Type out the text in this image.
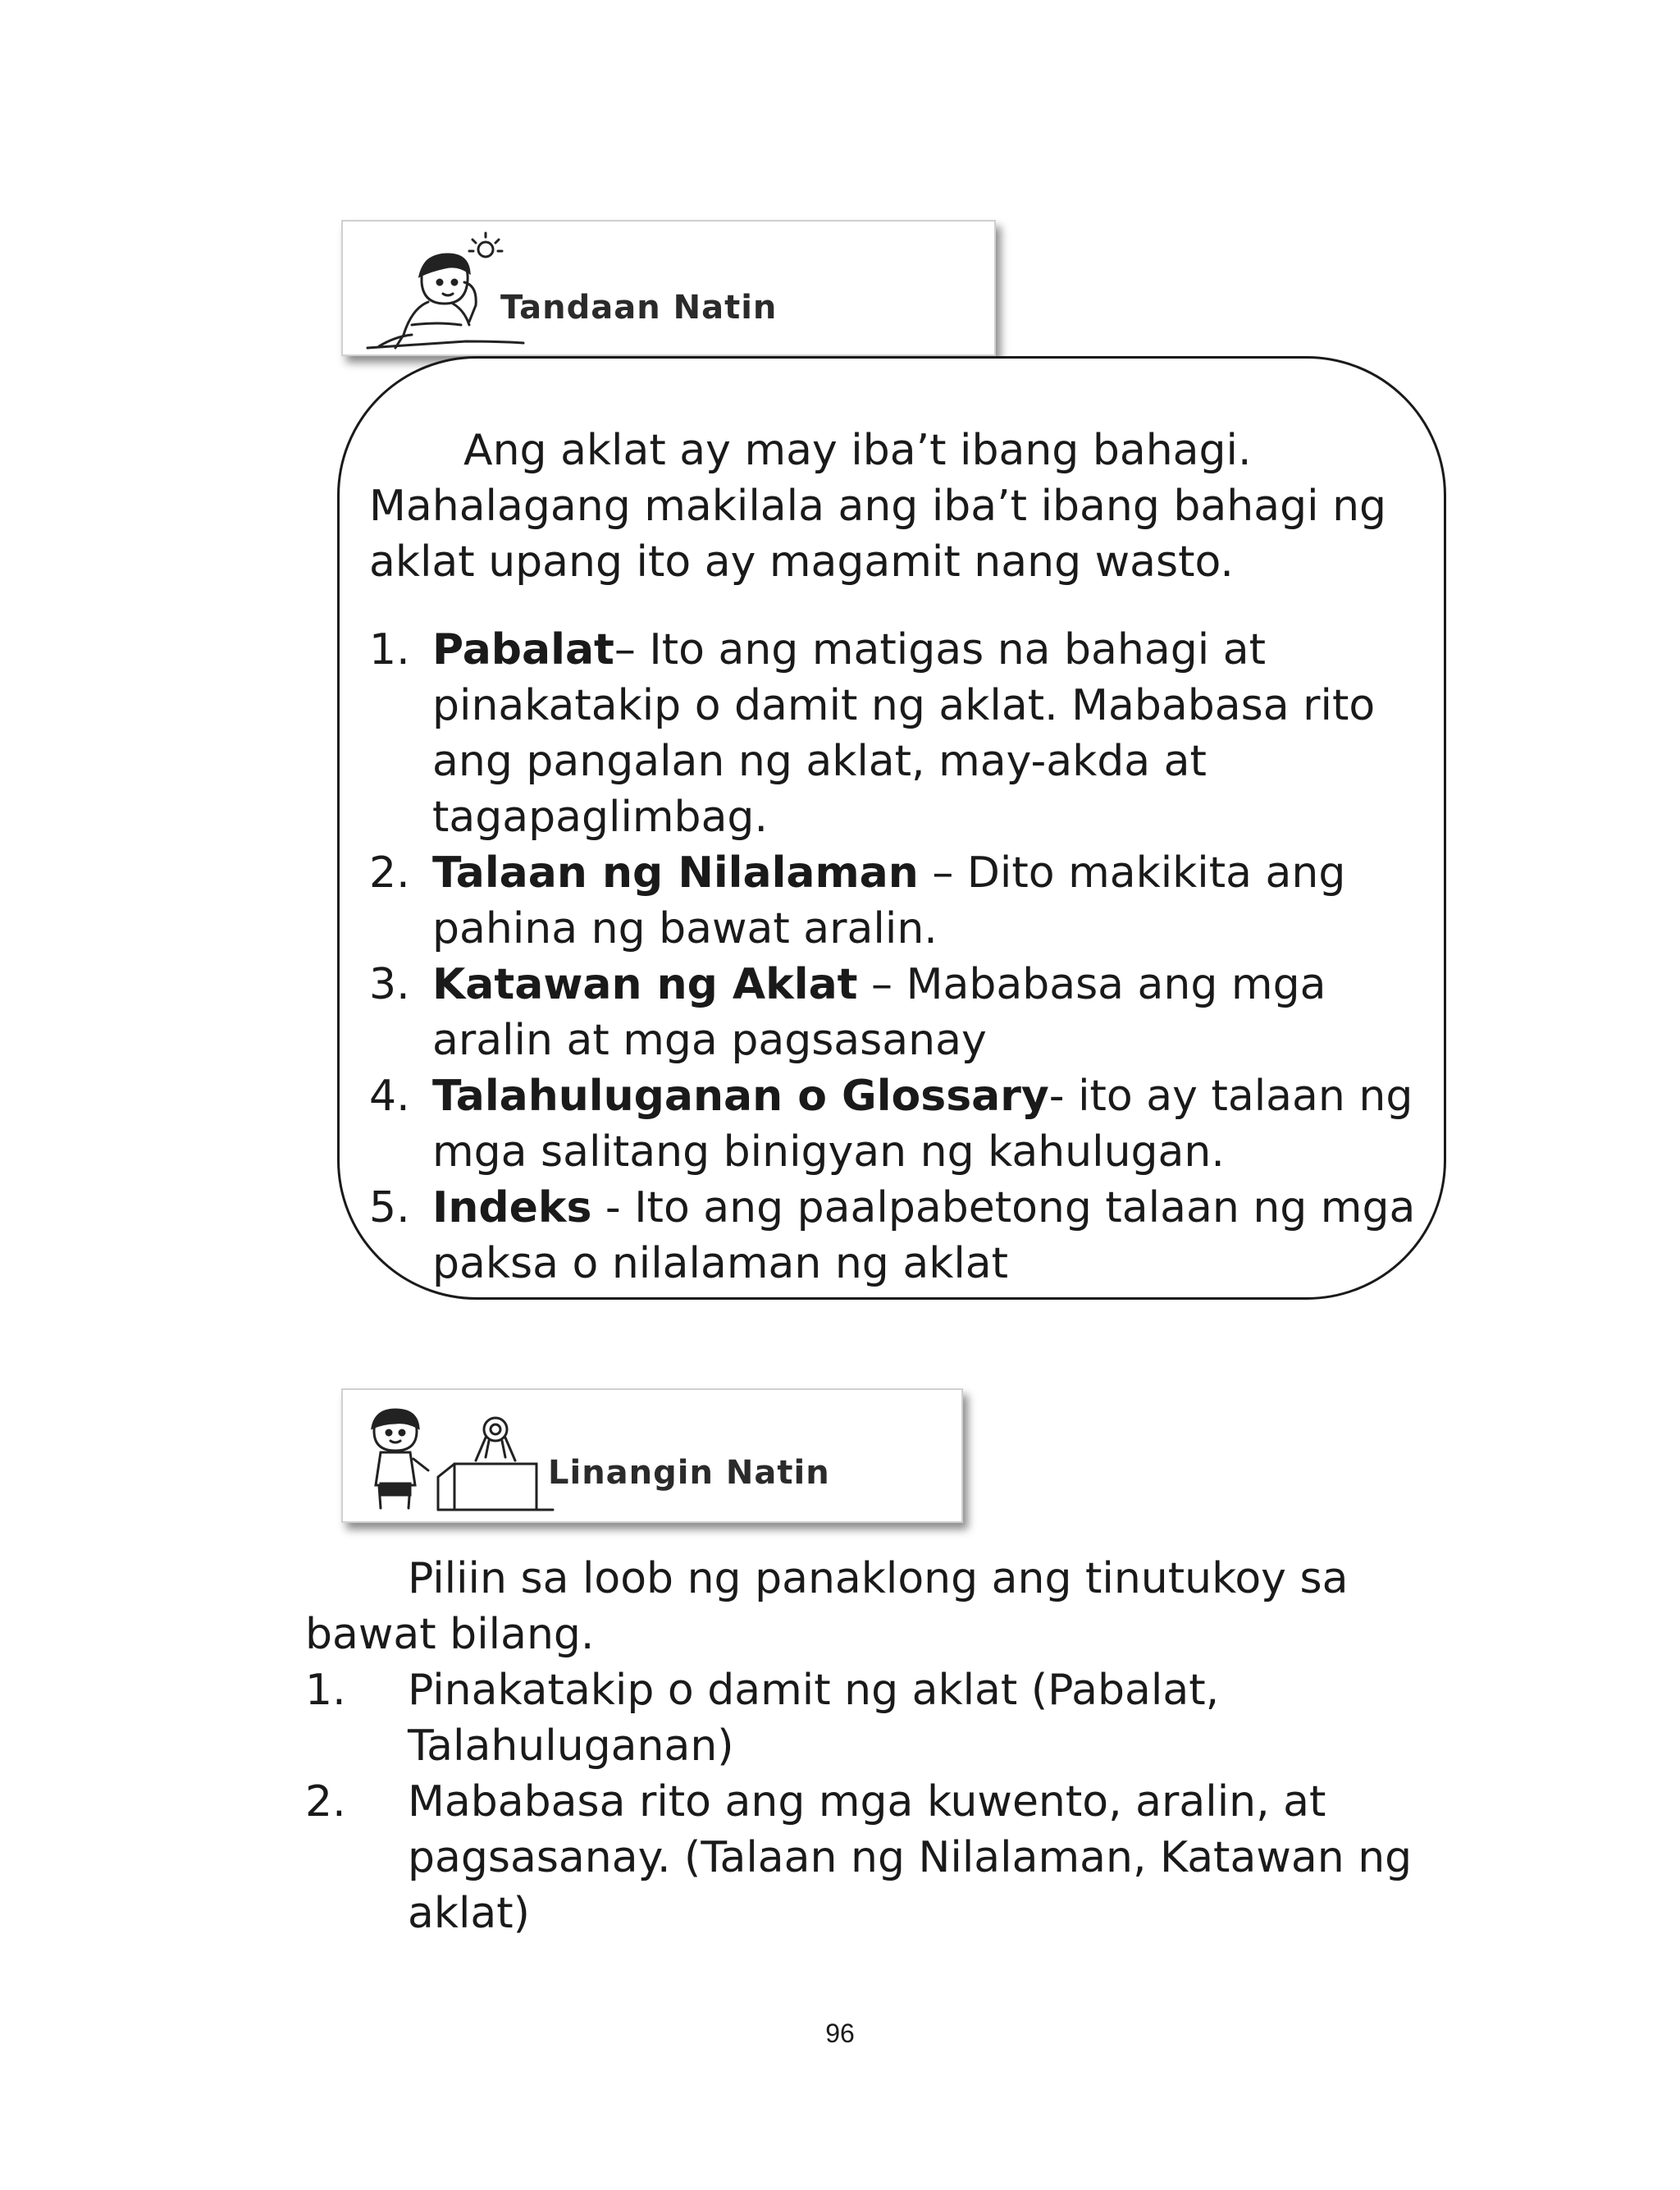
Tandaan Natin

Ang aklat ay may iba’t ibang bahagi.
Mahalagang makilala ang iba’t ibang bahagi ng aklat upang ito ay magamit nang wasto.

1. Pabalat– Ito ang matigas na bahagi at pinakatakip o damit ng aklat. Mababasa rito ang pangalan ng aklat, may-akda at tagapaglimbag.
2. Talaan ng Nilalaman – Dito makikita ang pahina ng bawat aralin.
3. Katawan ng Aklat – Mababasa ang mga aralin at mga pagsasanay
4. Talahuluganan o Glossary- ito ay talaan ng mga salitang binigyan ng kahulugan.
5. Indeks - Ito ang paalpabetong talaan ng mga paksa o nilalaman ng aklat
Linangin Natin

Piliin sa loob ng panaklong ang tinutukoy sa
bawat bilang.

1. Pinakatakip o damit ng aklat (Pabalat, Talahuluganan)
2. Mababasa rito ang mga kuwento, aralin, at pagsasanay. (Talaan ng Nilalaman, Katawan ng aklat)
96
